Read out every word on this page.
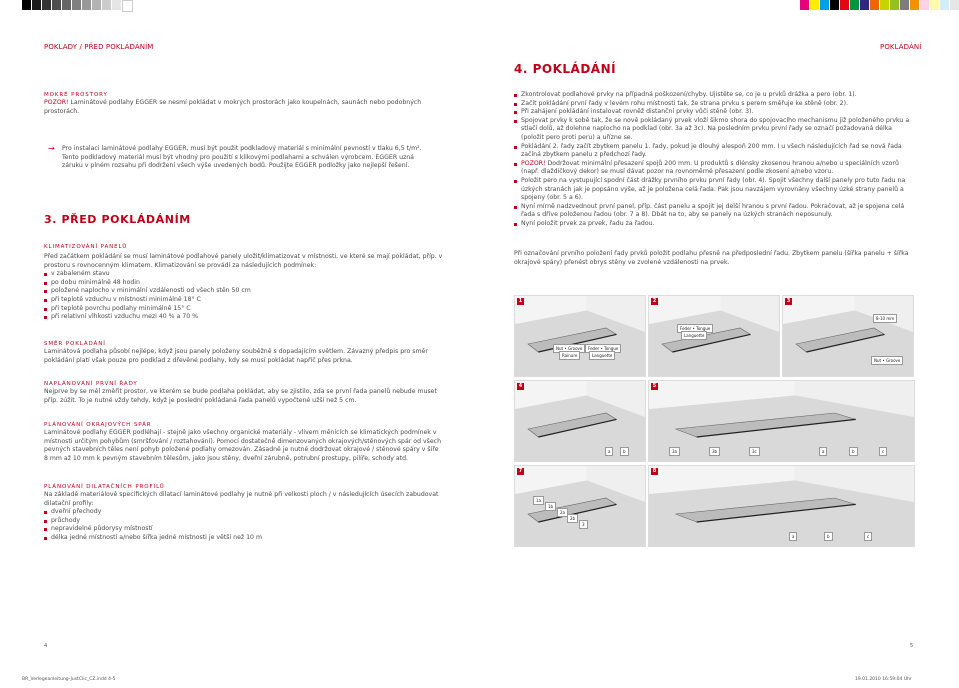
POKLADY / PŘED POKLÁDÁNÍM	POKLÁDÁNÍ
MOKRÉ PROSTORY
POZOR! Laminátové podlahy EGGER se nesmí pokládat v mokrých prostorách jako koupelnách, saunách nebo podobných prostorách.
→	Pro instalaci laminátové podlahy EGGER, musí být použit podkladový materiál s minimální pevností v tlaku 6,5 t/m².
Tento podkladový materiál musí být vhodný pro použití s klikovými podlahami a schválen výrobcem. EGGER uzná záruku v plném rozsahu při dodržení všech výše uvedených bodů. Použijte EGGER podložky jako nejlepší řešení.
3. PŘED POKLÁDÁNÍM
KLIMATIZOVÁNÍ PANELŮ
Před začátkem pokládání se musí laminátové podlahové panely uložit/klimatizovat v místnosti, ve které se mají pokládat, příp. v prostoru s rovnocenným klimatem. Klimatizování se provádí za následujících podmínek:
v zabaleném stavu
po dobu minimálně 48 hodin
položené naplocho v minimální vzdálenosti od všech stěn 50 cm
při teplotě vzduchu v místnosti minimálně 18° C
při teplotě povrchu podlahy minimálně 15° C
při relativní vlhkosti vzduchu mezi 40 % a 70 %
SMĚR POKLÁDÁNÍ
Laminátová podlaha působí nejlépe, když jsou panely položeny souběžně s dopadajícím světlem. Závazný předpis pro směr pokládání platí však pouze pro podklad z dřevěné podlahy, kdy se musí pokládat napříč přes prkna.
NAPLÁNOVÁNÍ PRVNÍ ŘADY
Nejprve by se měl změřit prostor, ve kterém se bude podlaha pokládat, aby se zjistilo, zda se první řada panelů nebude muset příp. zúžit. To je nutné vždy tehdy, když je poslední pokládaná řada panelů vypočtené užší než 5 cm.
PLÁNOVÁNÍ OKRAJOVÝCH SPÁR
Laminátové podlahy EGGER podléhají - stejně jako všechny organické materiály - vlivem měnících se klimatických podmínek v místnosti určitým pohybům (smršťování / roztahování). Pomocí dostatečně dimenzovaných okrajových/stěnových spár od všech pevných stavebních těles není pohyb položené podlahy omezován. Zásadně je nutné dodržovat okrajové / stěnové spáry v šíře 8 mm až 10 mm k pevným stavebním tělesům, jako jsou stěny, dveřní zárubně, potrubní prostupy, pilíře, schody atd.
PLÁNOVÁNÍ DILATAČNÍCH PROFILŮ
Na základě materiálově specifických dilatací laminátové podlahy je nutné při velkosti ploch / v následujících úsecích zabudovat dilatační profily:
dveřní přechody
průchody
nepravidelné půdorysy místností
délka jedné místnosti a/nebo šířka jedné místnosti je větší než 10 m
4
4. POKLÁDÁNÍ
Zkontrolovat podlahové prvky na případná poškození/chyby. Ujistěte se, co je u prvků drážka a pero (obr. 1).
Začít pokládání první řady v levém rohu místnosti tak, že strana prvku s perem směřuje ke stěně (obr. 2).
Při zahájení pokládání instalovat rovněž distanční prvky vůči stěně (obr. 3).
Spojovat prvky k sobě tak, že se nově pokládaný prvek vloží šikmo shora do spojovacího mechanismu již položeného prvku a stlačí dolů, až dolehne naplocho na podklad (obr. 3a až 3c). Na posledním prvku první řady se označí požadovaná délka (položit pero proti peru) a uřízne se.
Pokládání 2. řady začít zbytkem panelu 1. řady, pokud je dlouhý alespoň 200 mm. I u všech následujících řad se nová řada začíná zbytkem panelu z předchozí řady.
POZOR! Dodržovat minimální přesazení spojů 200 mm. U produktů s dlénsky zkosenou hranou a/nebo u speciálních vzorů (např. dlaždičkový dekor) se musí dávat pozor na rovnoměrné přesazení podle zkosení a/nebo vzoru.
Položit pero na vystupující spodní část drážky prvního prvku první řady (obr. 4). Spojit všechny další panely pro tuto řadu na úzkých stranách jak je popsáno výše, až je položena celá řada. Pak jsou navzájem vyrovnány všechny úzké strany panelů a spojeny (obr. 5 a 6).
Nyní mírně nadzvednout první panel, příp. část panelu a spojit jej delší hranou s první řadou. Pokračovat, až je spojena celá řada s dříve položenou řadou (obr. 7 a 8). Dbát na to, aby se panely na úzkých stranách neposunuly.
Nyní položit prvek za prvek, řadu za řadou.
Při označování prvního položení řady prvků položit podlahu přesně na předposlední řadu. Zbytkem panelu (šířka panelu + šířka okrajové spáry) přenést obrys stěny ve zvolené vzdálenosti na prvek.
1
Nut • Groove
Rainure
Feder • Tongue
Languette
2
Feder • Tongue
Languette
3
8-10 mm
Nut • Groove
4
a	b
5
3a	3b	3c	a	b	c
7
1a
1b
2a
2b
3
8
a	b	c
5
BR_Verlegeanleitung-JustClic_CZ.indd 4-5	19.01.2010 16:59:04 Uhr
